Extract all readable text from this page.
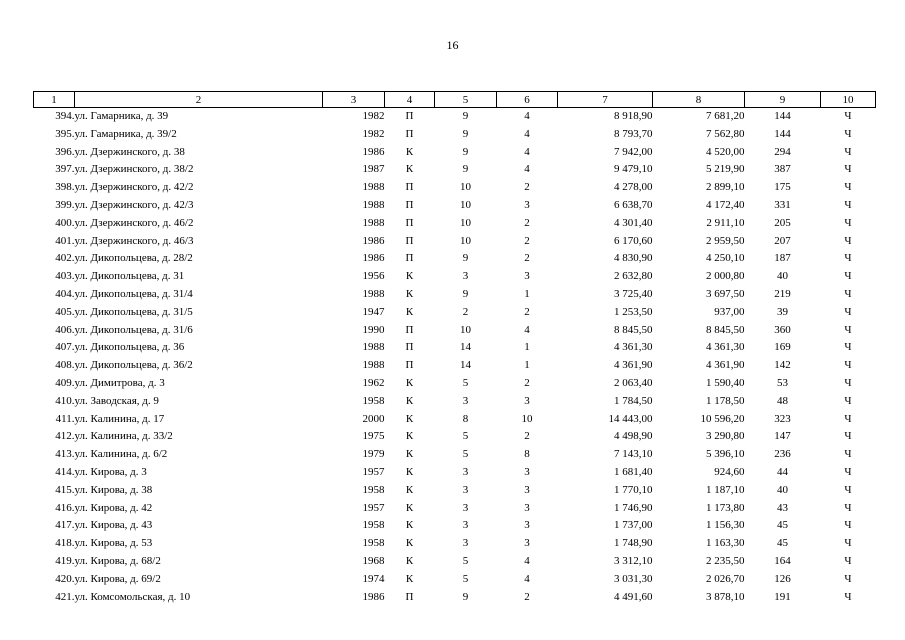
16
1	2	3	4	5	6	7	8	9	10
394.	ул. Гамарника, д. 39	1982	П	9	4	8 918,90	7 681,20	144	Ч
395.	ул. Гамарника, д. 39/2	1982	П	9	4	8 793,70	7 562,80	144	Ч
396.	ул. Дзержинского, д. 38	1986	К	9	4	7 942,00	4 520,00	294	Ч
397.	ул. Дзержинского, д. 38/2	1987	К	9	4	9 479,10	5 219,90	387	Ч
398.	ул. Дзержинского, д. 42/2	1988	П	10	2	4 278,00	2 899,10	175	Ч
399.	ул. Дзержинского, д. 42/3	1988	П	10	3	6 638,70	4 172,40	331	Ч
400.	ул. Дзержинского, д. 46/2	1988	П	10	2	4 301,40	2 911,10	205	Ч
401.	ул. Дзержинского, д. 46/3	1986	П	10	2	6 170,60	2 959,50	207	Ч
402.	ул. Дикопольцева, д. 28/2	1986	П	9	2	4 830,90	4 250,10	187	Ч
403.	ул. Дикопольцева, д. 31	1956	К	3	3	2 632,80	2 000,80	40	Ч
404.	ул. Дикопольцева, д. 31/4	1988	К	9	1	3 725,40	3 697,50	219	Ч
405.	ул. Дикопольцева, д. 31/5	1947	К	2	2	1 253,50	937,00	39	Ч
406.	ул. Дикопольцева, д. 31/6	1990	П	10	4	8 845,50	8 845,50	360	Ч
407.	ул. Дикопольцева, д. 36	1988	П	14	1	4 361,30	4 361,30	169	Ч
408.	ул. Дикопольцева, д. 36/2	1988	П	14	1	4 361,90	4 361,90	142	Ч
409.	ул. Димитрова, д. 3	1962	К	5	2	2 063,40	1 590,40	53	Ч
410.	ул. Заводская, д. 9	1958	К	3	3	1 784,50	1 178,50	48	Ч
411.	ул. Калинина, д. 17	2000	К	8	10	14 443,00	10 596,20	323	Ч
412.	ул. Калинина, д. 33/2	1975	К	5	2	4 498,90	3 290,80	147	Ч
413.	ул. Калинина, д. 6/2	1979	К	5	8	7 143,10	5 396,10	236	Ч
414.	ул. Кирова, д. 3	1957	К	3	3	1 681,40	924,60	44	Ч
415.	ул. Кирова, д. 38	1958	К	3	3	1 770,10	1 187,10	40	Ч
416.	ул. Кирова, д. 42	1957	К	3	3	1 746,90	1 173,80	43	Ч
417.	ул. Кирова, д. 43	1958	К	3	3	1 737,00	1 156,30	45	Ч
418.	ул. Кирова, д. 53	1958	К	3	3	1 748,90	1 163,30	45	Ч
419.	ул. Кирова, д. 68/2	1968	К	5	4	3 312,10	2 235,50	164	Ч
420.	ул. Кирова, д. 69/2	1974	К	5	4	3 031,30	2 026,70	126	Ч
421.	ул. Комсомольская, д. 10	1986	П	9	2	4 491,60	3 878,10	191	Ч
